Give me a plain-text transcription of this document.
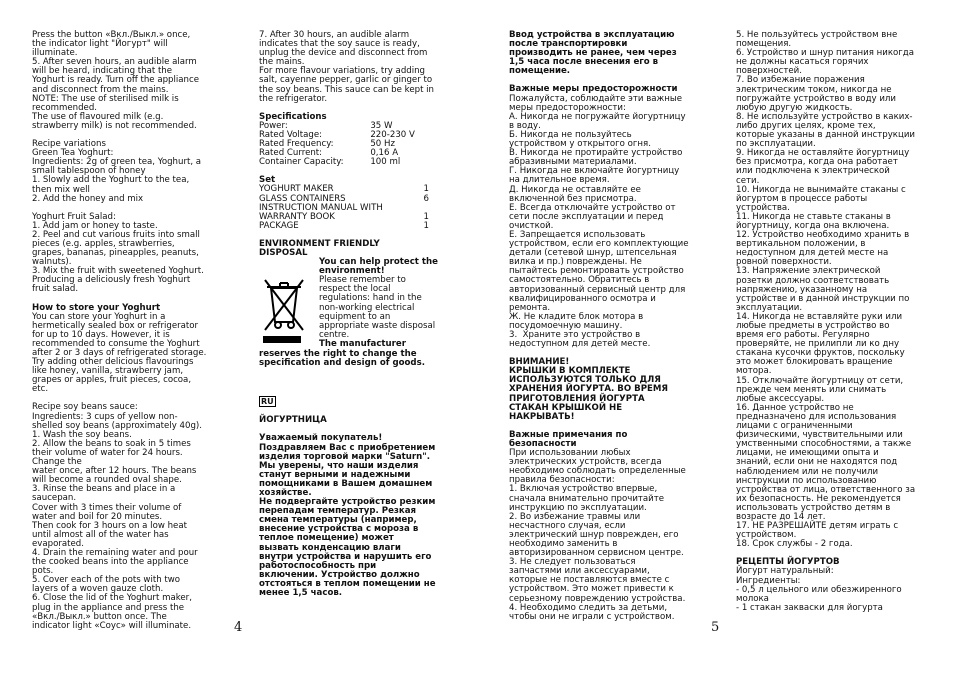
Press the button «Вкл./Выкл.» once,

the indicator light "Йогурт" will

illuminate.

5. After seven hours, an audible alarm

will be heard, indicating that the

Yoghurt is ready. Turn off the appliance

and disconnect from the mains.

NOTE: The use of sterilised milk is

recommended.

The use of flavoured milk (e.g.

strawberry milk) is not recommended.

Recipe variations

Green Tea Yoghurt:

Ingredients: 2g of green tea, Yoghurt, a

small tablespoon of honey

1. Slowly add the Yoghurt to the tea,

then mix well

2. Add the honey and mix

Yoghurt Fruit Salad:

1. Add jam or honey to taste.

2. Peel and cut various fruits into small

pieces (e.g. apples, strawberries,

grapes, bananas, pineapples, peanuts,

walnuts).

3. Mix the fruit with sweetened Yoghurt.

Producing a deliciously fresh Yoghurt

fruit salad.

How to store your Yoghurt

You can store your Yoghurt in a

hermetically sealed box or refrigerator

for up to 10 days. However, it is

recommended to consume the Yoghurt

after 2 or 3 days of refrigerated storage.

Try adding other delicious flavourings

like honey, vanilla, strawberry jam,

grapes or apples, fruit pieces, cocoa,

etc.

Recipe soy beans sauce:

Ingredients: 3 cups of yellow non-

shelled soy beans (approximately 40g).

1. Wash the soy beans.

2. Allow the beans to soak in 5 times

their volume of water for 24 hours.

Change the

water once, after 12 hours. The beans

will become a rounded oval shape.

3. Rinse the beans and place in a

saucepan.

Cover with 3 times their volume of

water and boil for 20 minutes.

Then cook for 3 hours on a low heat

until almost all of the water has

evaporated.

4. Drain the remaining water and pour

the cooked beans into the appliance

pots.

5. Cover each of the pots with two

layers of a woven gauze cloth.

6. Close the lid of the Yoghurt maker,

plug in the appliance and press the

«Вкл./Выкл.» button once. The

indicator light «Соус» will illuminate.

7. After 30 hours, an audible alarm

indicates that the soy sauce is ready,

unplug the device and disconnect from

the mains.

For more flavour variations, try adding

salt, cayenne pepper, garlic or ginger to

the soy beans. This sauce can be kept in

the refrigerator.

Specifications

Power:	35 W
Rated Voltage:	220-230 V
Rated Frequency:	50 Hz
Rated Current:	0,16 A
Container Capacity:	100 ml

Set

YOGHURT MAKER	1
GLASS CONTAINERS	6
INSTRUCTION MANUAL WITH	
WARRANTY BOOK	1
PACKAGE	1

ENVIRONMENT FRIENDLY

DISPOSAL

You can help protect the

environment!

Please remember to

respect the local

regulations: hand in the

non-working electrical

equipment to an

appropriate waste disposal

centre.

The manufacturer

reserves the right to change the

specification and design of goods.

RU

ЙОГУРТНИЦА

Уважаемый покупатель!

Поздравляем Вас с приобретением

изделия торговой марки "Saturn".

Мы уверены, что наши изделия

станут верными и надежными

помощниками в Вашем домашнем

хозяйстве.

Не подвергайте устройство резким

перепадам температур. Резкая

смена температуры (например,

внесение устройства с мороза в

теплое помещение) может

вызвать конденсацию влаги

внутри устройства и нарушить его

работоспособность при

включении. Устройство должно

отстояться в теплом помещении не

менее 1,5 часов.

Ввод устройства в эксплуатацию

после транспортировки

производить не ранее, чем через

1,5 часа после внесения его в

помещение.

Важные меры предосторожности

Пожалуйста, соблюдайте эти важные

меры предосторожности:

А. Никогда не погружайте йогуртницу

в воду.

Б. Никогда не пользуйтесь

устройством у открытого огня.

В. Никогда не протирайте устройство

абразивными материалами.

Г. Никогда не включайте йогуртницу

на длительное время.

Д. Никогда не оставляйте ее

включенной без присмотра.

Е. Всегда отключайте устройство от

сети после эксплуатации и перед

очисткой.

Е. Запрещается использовать

устройством, если его комплектующие

детали (сетевой шнур, штепсельная

вилка и пр.) повреждены. Не

пытайтесь ремонтировать устройство

самостоятельно. Обратитесь в

авторизованный сервисный центр для

квалифицированного осмотра и

ремонта.

Ж. Не кладите блок мотора в

посудомоечную машину.

3.  Храните это устройство в

недоступном для детей месте.

ВНИМАНИЕ!

КРЫШКИ В КОМПЛЕКТЕ

ИСПОЛЬЗУЮТСЯ ТОЛЬКО ДЛЯ

ХРАНЕНИЯ ЙОГУРТА. ВО ВРЕМЯ

ПРИГОТОВЛЕНИЯ ЙОГУРТА

СТАКАН КРЫШКОЙ НЕ

НАКРЫВАТЬ!

Важные примечания по

безопасности

При использовании любых

электрических устройств, всегда

необходимо соблюдать определенные

правила безопасности:

1. Включая устройство впервые,

сначала внимательно прочитайте

инструкцию по эксплуатации.

2. Во избежание травмы или

несчастного случая, если

электрический шнур поврежден, его

необходимо заменить в

авторизированном сервисном центре.

3. Не следует пользоваться

запчастями или аксессуарами,

которые не поставляются вместе с

устройством. Это может привести к

серьезному повреждению устройства.

4. Необходимо следить за детьми,

чтобы они не играли с устройством.

5. Не пользуйтесь устройством вне

помещения.

6. Устройство и шнур питания никогда

не должны касаться горячих

поверхностей.

7. Во избежание поражения

электрическим током, никогда не

погружайте устройство в воду или

любую другую жидкость.

8. Не используйте устройство в каких-

либо других целях, кроме тех,

которые указаны в данной инструкции

по эксплуатации.

9. Никогда не оставляйте йогуртницу

без присмотра, когда она работает

или подключена к электрической

сети.

10. Никогда не вынимайте стаканы с

йогуртом в процессе работы

устройства.

11. Никогда не ставьте стаканы в

йогуртницу, когда она включена.

12. Устройство необходимо хранить в

вертикальном положении, в

недоступном для детей месте на

ровной поверхности.

13. Напряжение электрической

розетки должно соответствовать

напряжению, указанному на

устройстве и в данной инструкции по

эксплуатации.

14. Никогда не вставляйте руки или

любые предметы в устройство во

время его работы. Регулярно

проверяйте, не прилипли ли ко дну

стакана кусочки фруктов, поскольку

это может блокировать вращение

мотора.

15. Отключайте йогуртницу от сети,

прежде чем менять или снимать

любые аксессуары.

16. Данное устройство не

предназначено для использования

лицами с ограниченными

физическими, чувствительными или

умственными способностями, а также

лицами, не имеющими опыта и

знаний, если они не находятся под

наблюдением или не получили

инструкции по использованию

устройства от лица, ответственного за

их безопасность. Не рекомендуется

использовать устройство детям в

возрасте до 14 лет.

17. НЕ РАЗРЕШАЙТЕ детям играть с

устройством.

18. Срок службы - 2 года.

РЕЦЕПТЫ ЙОГУРТОВ

Йогурт натуральный:

Ингредиенты:

- 0,5 л цельного или обезжиренного

молока

- 1 стакан закваски для йогурта

4	5
